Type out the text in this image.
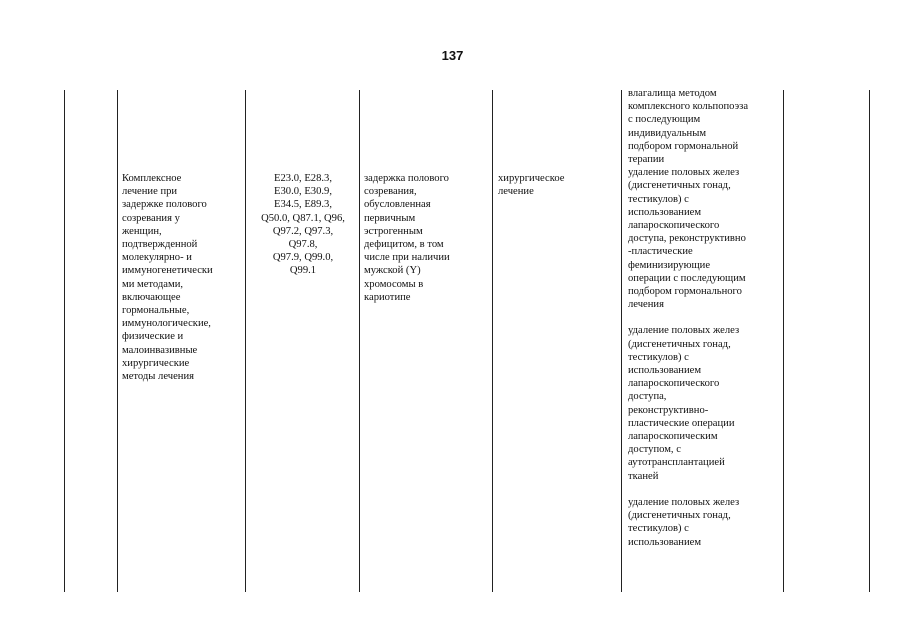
137
Комплексное
лечение при
задержке полового
созревания у
женщин,
подтвержденной
молекулярно- и
иммуногенетически
ми методами,
включающее
гормональные,
иммунологические,
физические и
малоинвазивные
хирургические
методы лечения
E23.0, E28.3,
E30.0, E30.9,
E34.5, E89.3,
Q50.0, Q87.1, Q96,
Q97.2, Q97.3,
Q97.8,
Q97.9, Q99.0,
Q99.1
задержка полового
созревания,
обусловленная
первичным
эстрогенным
дефицитом, в том
числе при наличии
мужской (Y)
хромосомы в
кариотипе
хирургическое
лечение
влагалища методом
комплексного кольпопоэза
с последующим
индивидуальным
подбором гормональной
терапии
удаление половых желез
(дисгенетичных гонад,
тестикулов) с
использованием
лапароскопического
доступа, реконструктивно
-пластические
феминизирующие
операции с последующим
подбором гормонального
лечения
удаление половых желез
(дисгенетичных гонад,
тестикулов) с
использованием
лапароскопического
доступа,
реконструктивно-
пластические операции
лапароскопическим
доступом, с
аутотрансплантацией
тканей
удаление половых желез
(дисгенетичных гонад,
тестикулов) с
использованием
